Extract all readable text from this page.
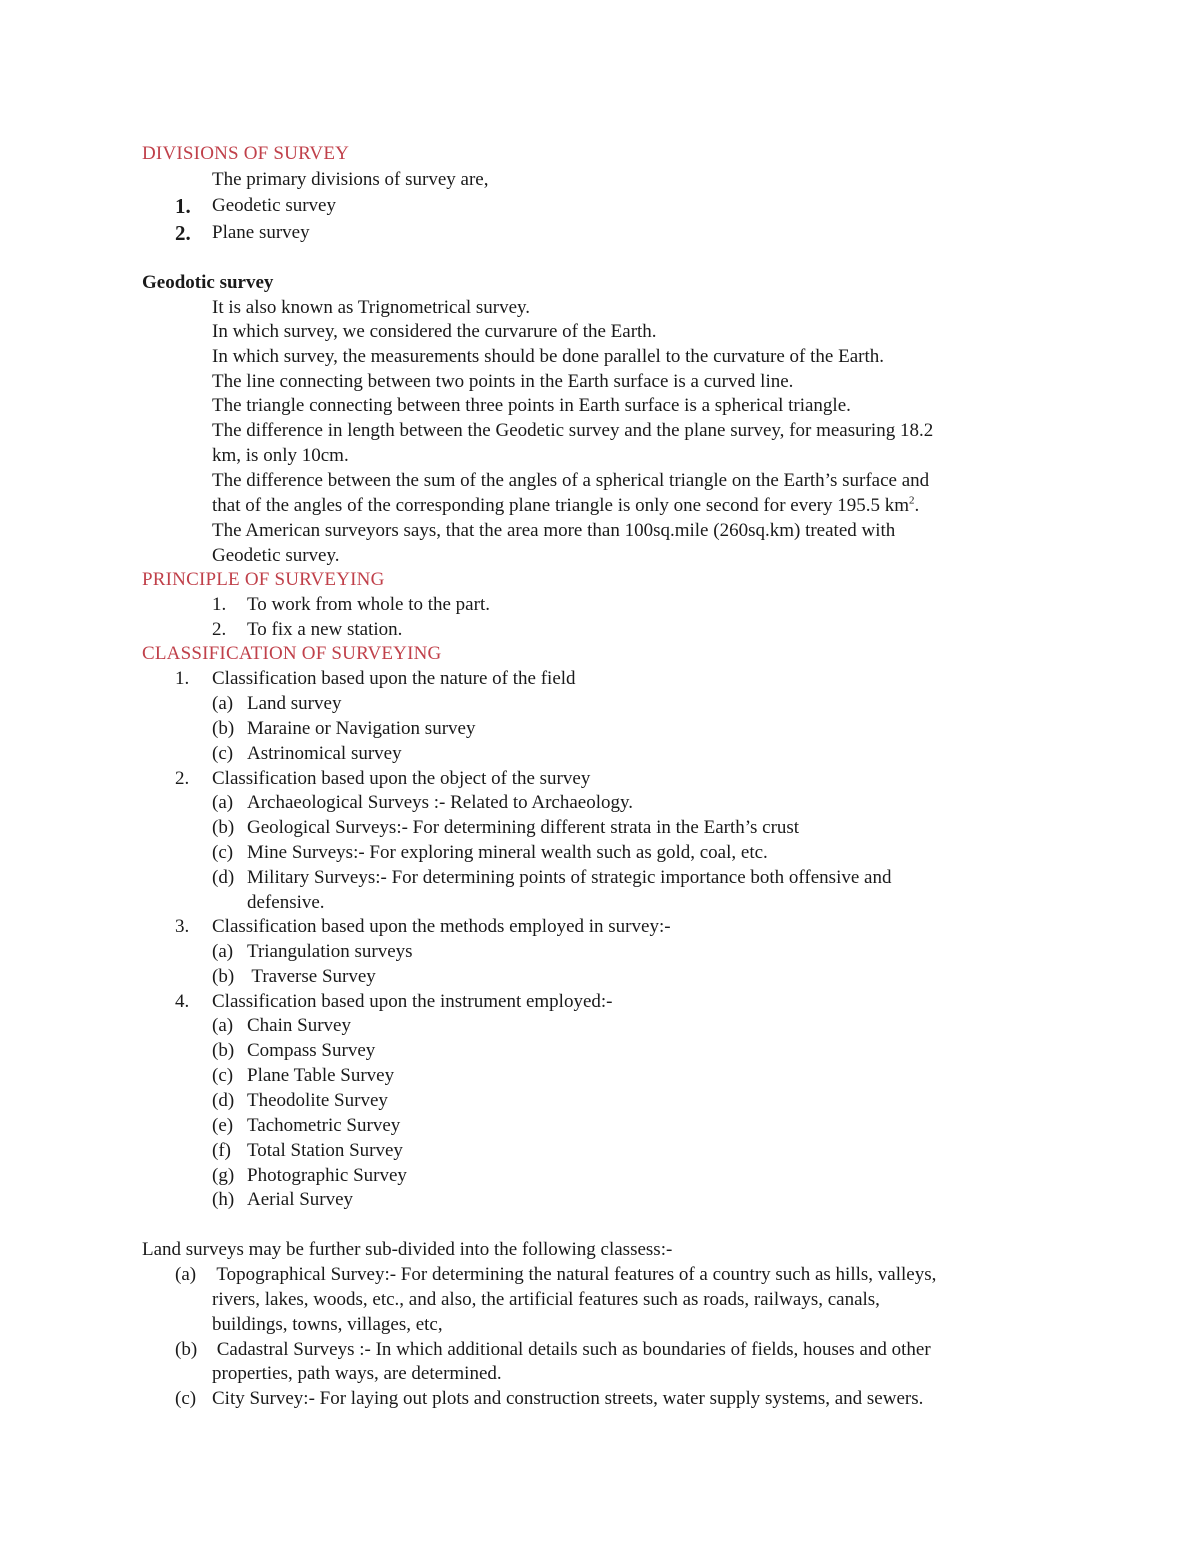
DIVISIONS OF SURVEY
The primary divisions of survey are,
1. Geodetic survey
2. Plane survey
Geodotic survey
It is also known as Trignometrical survey.
In which survey, we considered the curvarure of the Earth.
In which survey, the measurements should be done parallel to the curvature of the Earth.
The line connecting between two points in the Earth surface is a curved line.
The triangle connecting between three points in Earth surface is a spherical triangle.
The difference in length between the Geodetic survey and the plane survey, for measuring 18.2
km, is only 10cm.
The difference between the sum of the angles of a spherical triangle on the Earth’s surface and
that of the angles of the corresponding plane triangle is only one second for every 195.5 $km^2$.
The American surveyors says, that the area more than 100sq.mile (260sq.km) treated with
Geodetic survey.
PRINCIPLE OF SURVEYING
1. To work from whole to the part.
2. To fix a new station.
CLASSIFICATION OF SURVEYING
1. Classification based upon the nature of the field
(a) Land survey
(b) Maraine or Navigation survey
(c) Astrinomical survey
2. Classification based upon the object of the survey
(a) Archaeological Surveys :- Related to Archaeology.
(b) Geological Surveys:- For determining different strata in the Earth’s crust
(c) Mine Surveys:- For exploring mineral wealth such as gold, coal, etc.
(d) Military Surveys:- For determining points of strategic importance both offensive and
defensive.
3. Classification based upon the methods employed in survey:-
(a) Triangulation surveys
(b) Traverse Survey
4. Classification based upon the instrument employed:-
(a) Chain Survey
(b) Compass Survey
(c) Plane Table Survey
(d) Theodolite Survey
(e) Tachometric Survey
(f) Total Station Survey
(g) Photographic Survey
(h) Aerial Survey
Land surveys may be further sub-divided into the following classess:-
(a) Topographical Survey:- For determining the natural features of a country such as hills, valleys,
rivers, lakes, woods, etc., and also, the artificial features such as roads, railways, canals,
buildings, towns, villages, etc,
(b) Cadastral Surveys :- In which additional details such as boundaries of fields, houses and other
properties, path ways, are determined.
(c) City Survey:- For laying out plots and construction streets, water supply systems, and sewers.
